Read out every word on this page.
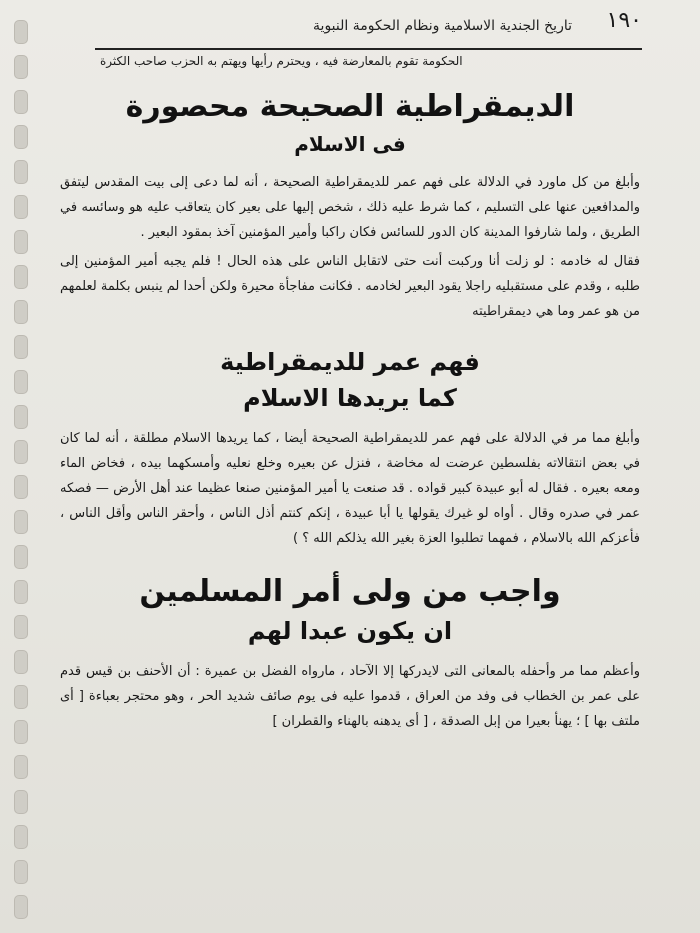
١٩٠
تاريخ الجندية الاسلامية ونظام الحكومة النبوية

الحكومة تقوم بالمعارضة فيه ، ويحترم رأيها ويهتم به الحزب صاحب الكثرة

الديمقراطية الصحيحة محصورة
فى الاسلام

وأبلغ من كل ماورد في الدلالة على فهم عمر للديمقراطية الصحيحة ، أنه لما دعى إلى بيت المقدس ليتفق والمدافعين عنها على التسليم ، كما شرط عليه ذلك ، شخص إليها على بعير كان يتعاقب عليه هو وسائسه في الطريق ، ولما شارفوا المدينة كان الدور للسائس فكان راكبا وأمير المؤمنين آخذ بمقود البعير .

فقال له خادمه : لو زلت أنا وركبت أنت حتى لاتقابل الناس على هذه الحال ! فلم يجبه أمير المؤمنين إلى طلبه ، وقدم على مستقبليه راجلا يقود البعير لخادمه . فكانت مفاجأة محيرة ولكن أحدا لم ينبس بكلمة لعلمهم من هو عمر وما هي ديمقراطيته

فهم عمر للديمقراطية
كما يريدها الاسلام

وأبلغ مما مر في الدلالة على فهم عمر للديمقراطية الصحيحة أيضا ، كما يريدها الاسلام مطلقة ، أنه لما كان في بعض انتقالاته بفلسطين عرضت له مخاضة ، فنزل عن بعيره وخلع نعليه وأمسكهما بيده ، فخاض الماء ومعه بعيره . فقال له أبو عبيدة كبير قواده . قد صنعت يا أمير المؤمنين صنعا عظيما عند أهل الأرض — فصكه عمر في صدره وقال . أواه لو غيرك يقولها يا أبا عبيدة ، إنكم كنتم أذل الناس ، وأحقر الناس وأقل الناس ، فأعزكم الله بالاسلام ، فمهما تطلبوا العزة بغير الله يذلكم الله ؟ )

واجب من ولى أمر المسلمين
ان يكون عبدا لهم

وأعظم مما مر وأحفله بالمعانى التى لايدركها إلا الآحاد ، مارواه الفضل بن عميرة : أن الأحنف بن قيس قدم على عمر بن الخطاب فى وفد من العراق ، قدموا عليه فى يوم صائف شديد الحر ، وهو محتجر بعباءة [ أى ملتف بها ] ؛ يهنأ بعيرا من إبل الصدقة ، [ أى يدهنه بالهناء والقطران ]
